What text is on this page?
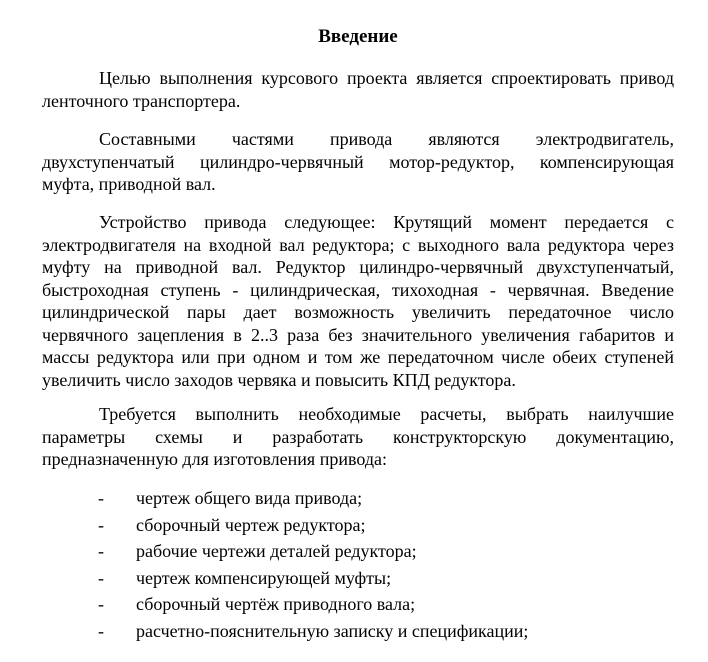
Введение

Целью выполнения курсового проекта является спроектировать привод
ленточного транспортера.

Составными частями привода являются электродвигатель,
двухступенчатый цилиндро-червячный мотор-редуктор, компенсирующая
муфта, приводной вал.

Устройство привода следующее: Крутящий момент передается с
электродвигателя на входной вал редуктора; с выходного вала редуктора через
муфту на приводной вал. Редуктор цилиндро-червячный двухступенчатый,
быстроходная ступень - цилиндрическая, тихоходная - червячная. Введение
цилиндрической пары дает возможность увеличить передаточное число
червячного зацепления в 2..3 раза без значительного увеличения габаритов и
массы редуктора или при одном и том же передаточном числе обеих ступеней
увеличить число заходов червяка и повысить КПД редуктора.

Требуется выполнить необходимые расчеты, выбрать наилучшие
параметры схемы и разработать конструкторскую документацию,
предназначенную для изготовления привода:

- чертеж общего вида привода;
- сборочный чертеж редуктора;
- рабочие чертежи деталей редуктора;
- чертеж компенсирующей муфты;
- сборочный чертёж приводного вала;
- расчетно-пояснительную записку и спецификации;
